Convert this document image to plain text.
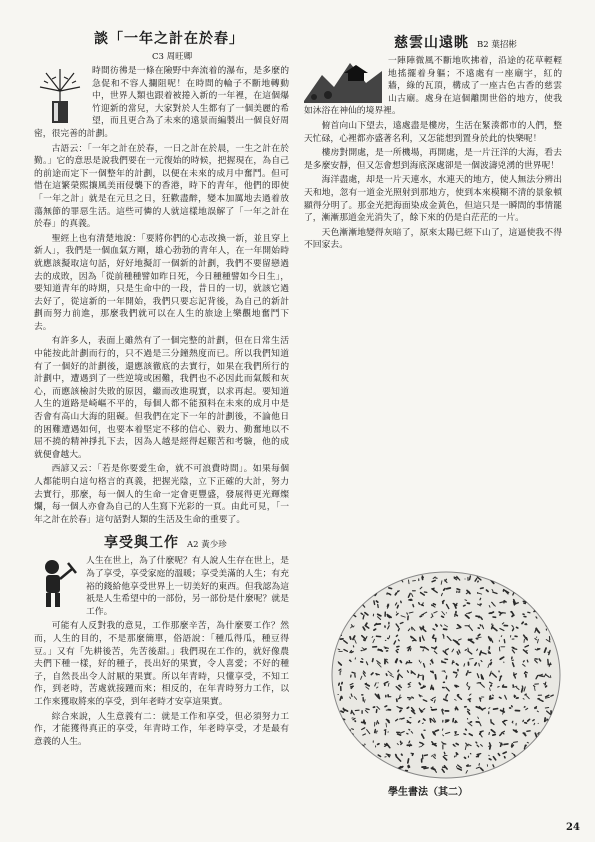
談「一年之計在於春」
C3 周旺卿

時間彷彿是一條在險野中奔流着的瀑布，是多麼的急促和不容人攔阻呢！在時間的輪子不斷地轉動中，世界人類也跟着被捲入新的一年裡，在這個爆竹迎新的當兒，大家對於人生都有了一個美麗的希望，而且更合為了未來的遠景而編製出一個良好周密，很完善的計劃。

古語云：「一年之計在於春，一日之計在於晨，一生之計在於勤。」它的意思是說我們要在一元復始的時候，把握現在，為自己的前途而定下一個整年的計劃，以便在未來的成月中奮鬥。但可惜在這繁榮熙攘風美雨侵襲下的香港，時下的青年，他們的即使「一年之計」就是在元旦之日，狂歡盡醉，變本加厲地去過着放蕩無節的罪惡生活。這些可憐的人就這樣地誤解了「一年之計在於春」的真義。

聖經上也有清楚地說：「要將你們的心志改換一新，並且穿上新人」，我們是一個血氣方剛，雄心勃勃的青年人，在一年開始時就應該擬取這句話，好好地擬訂一個新的計劃，我們不要留戀過去的成敗，因為「從前種種譬如昨日死，今日種種譬如今日生」，要知道青年的時期，只是生命中的一段，昔日的一切，就該它過去好了，從這新的一年開始，我們只要忘記背後，為自己的新計劃而努力前進，那麼我們就可以在人生的旅途上樂觀地奮鬥下去。

有許多人，表面上雖然有了一個完整的計劃，但在日常生活中能按此計劃而行的，只不過是三分鐘熱度而已。所以我們知道有了一個好的計劃後，還應該徹底的去實行，如果在我們所行的計劃中，遭遇到了一些逆境或困難，我們也不必因此而氣餒和灰心，而應該檢討失敗的原因，繼而改進現實，以求再起。要知道人生的道路是崎嶇不平的，每個人都不能預料在未來的成月中是否會有高山大海的阻礙。但我們在定下一年的計劃後，不論他日的困難遭遇如何，也要本着堅定不移的信心、毅力、勤奮地以不屈不撓的精神掙扎下去，因為人越是經得起艱苦和考驗，他的成就便會越大。

西諺又云：「若是你要愛生命，就不可浪費時間」。如果每個人都能明白這句格言的真義，把握光陰，立下正確的大計，努力去實行，那麼，每一個人的生命一定會更豐盛，發展得更光輝燦爛，每一個人亦會為自己的人生寫下光彩的一頁。由此可見，「一年之計在於春」這句話對人類的生活及生命的重要了。

享受與工作 A2 黃少珍

人生在世上，為了什麼呢？有人說人生存在世上，是為了享受，享受家庭的溫暖；享受美滿的人生；有充裕的錢給他享受世界上一切美好的東西。但我認為這祇是人生希望中的一部份，另一部份是什麼呢？就是工作。

可能有人反對我的意見，工作那麼辛苦，為什麼要工作？然而，人生的目的，不是那麼簡單，俗語說：「種瓜得瓜，種豆得豆。」又有「先耕後苦，先苦後甜。」我們現在工作的，就好像農夫們下種一樣，好的種子，長出好的果實，令人喜愛；不好的種子，自然長出令人討厭的果實。所以年青時，只懂享受，不知工作，到老時，苦處就接踵而來；相反的，在年青時努力工作，以工作來獲取將來的享受，到年老時才安享這果實。

綜合來說，人生意義有二：就是工作和享受，但必須努力工作，才能獲得真正的享受，年青時工作，年老時享受，才是最有意義的人生。

慈雲山遠眺 B2 葉招彬

一陣陣微風不斷地吹拂着，沿途的花草輕輕地搖擺着身軀；不遠處有一座廟宇，紅的牆，綠的瓦頂，構成了一座古色古香的慈雲山古廟。處身在這個離開世俗的地方，使我如沐浴在神仙的境界裡。

俯首向山下望去，遠處盡是樓房，生活在緊湊都市的人們，整天忙碌，心裡都亦盛著名利，又怎能想到置身於此的快樂呢！

樓房對開處，是一所機場，再開處，是一片汪洋的大海，看去是多麼安靜，但又怎會想到海底深處卻是一個波濤兇湧的世界呢！

海洋盡處，却是一片天連水，水連天的地方，使人無法分辨出天和地，忽有一道金光照射到那地方，使到本來模糊不清的景象頓顯得分明了。那金光把海面染成金黃色，但這只是一瞬間的事情罷了，漸漸那道金光消失了，餘下來的仍是白茫茫的一片。

天色漸漸地變得灰暗了，原來太陽已經下山了，這逼使我不得不回家去。

學生書法（其二）
24
